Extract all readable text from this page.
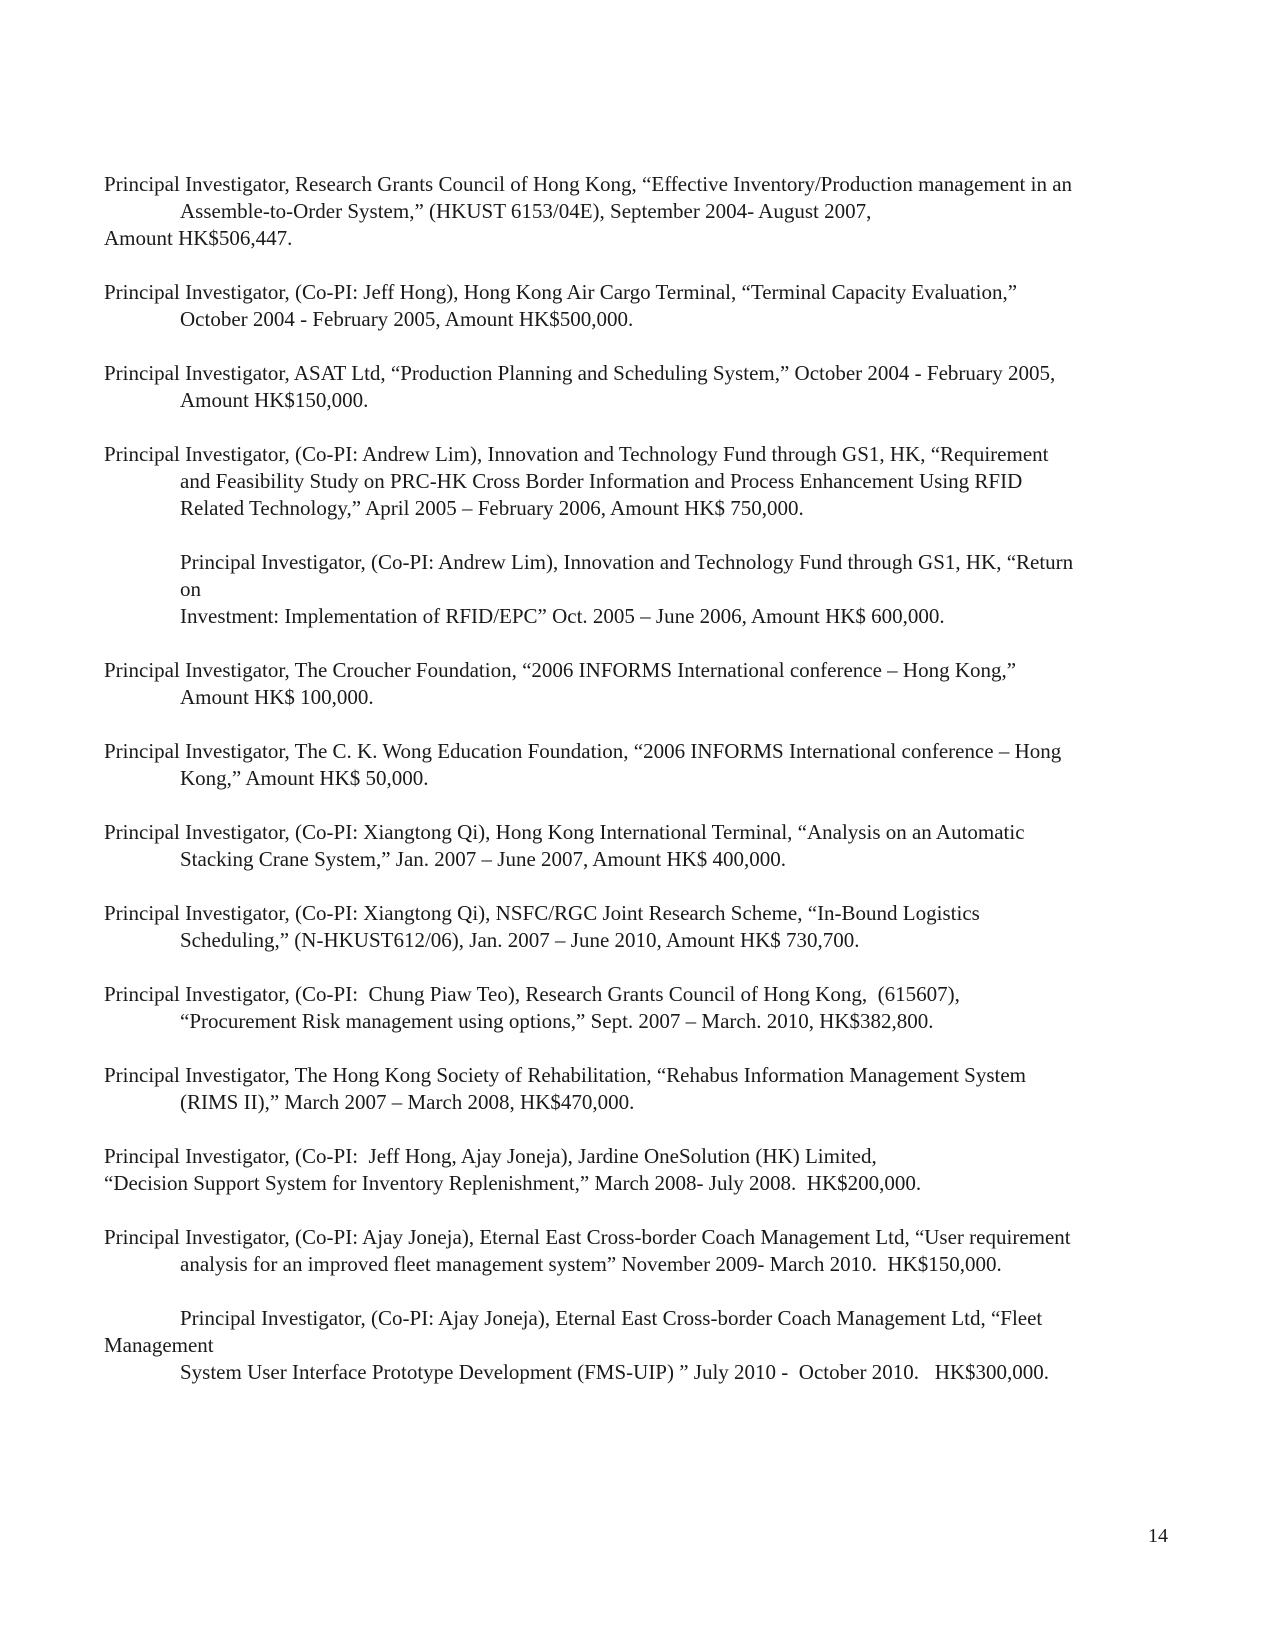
Principal Investigator, Research Grants Council of Hong Kong, “Effective Inventory/Production management in an
Assemble-to-Order System,” (HKUST 6153/04E), September 2004- August 2007,
Amount HK$506,447.
Principal Investigator, (Co-PI: Jeff Hong), Hong Kong Air Cargo Terminal, “Terminal Capacity Evaluation,”
October 2004 - February 2005, Amount HK$500,000.
Principal Investigator, ASAT Ltd, “Production Planning and Scheduling System,” October 2004 - February 2005,
Amount HK$150,000.
Principal Investigator, (Co-PI: Andrew Lim), Innovation and Technology Fund through GS1, HK, “Requirement
and Feasibility Study on PRC-HK Cross Border Information and Process Enhancement Using RFID
Related Technology,” April 2005 – February 2006, Amount HK$ 750,000.
Principal Investigator, (Co-PI: Andrew Lim), Innovation and Technology Fund through GS1, HK, “Return
on
Investment: Implementation of RFID/EPC” Oct. 2005 – June 2006, Amount HK$ 600,000.
Principal Investigator, The Croucher Foundation, “2006 INFORMS International conference – Hong Kong,”
Amount HK$ 100,000.
Principal Investigator, The C. K. Wong Education Foundation, “2006 INFORMS International conference – Hong
Kong,” Amount HK$ 50,000.
Principal Investigator, (Co-PI: Xiangtong Qi), Hong Kong International Terminal, “Analysis on an Automatic
Stacking Crane System,” Jan. 2007 – June 2007, Amount HK$ 400,000.
Principal Investigator, (Co-PI: Xiangtong Qi), NSFC/RGC Joint Research Scheme, “In-Bound Logistics
Scheduling,” (N-HKUST612/06), Jan. 2007 – June 2010, Amount HK$ 730,700.
Principal Investigator, (Co-PI:  Chung Piaw Teo), Research Grants Council of Hong Kong,  (615607),
“Procurement Risk management using options,” Sept. 2007 – March. 2010, HK$382,800.
Principal Investigator, The Hong Kong Society of Rehabilitation, “Rehabus Information Management System
(RIMS II),” March 2007 – March 2008, HK$470,000.
Principal Investigator, (Co-PI:  Jeff Hong, Ajay Joneja), Jardine OneSolution (HK) Limited,
“Decision Support System for Inventory Replenishment,” March 2008- July 2008.  HK$200,000.
Principal Investigator, (Co-PI: Ajay Joneja), Eternal East Cross-border Coach Management Ltd, “User requirement
analysis for an improved fleet management system” November 2009- March 2010.  HK$150,000.
Principal Investigator, (Co-PI: Ajay Joneja), Eternal East Cross-border Coach Management Ltd, “Fleet
Management
System User Interface Prototype Development (FMS-UIP) ” July 2010 -  October 2010.   HK$300,000.
14
